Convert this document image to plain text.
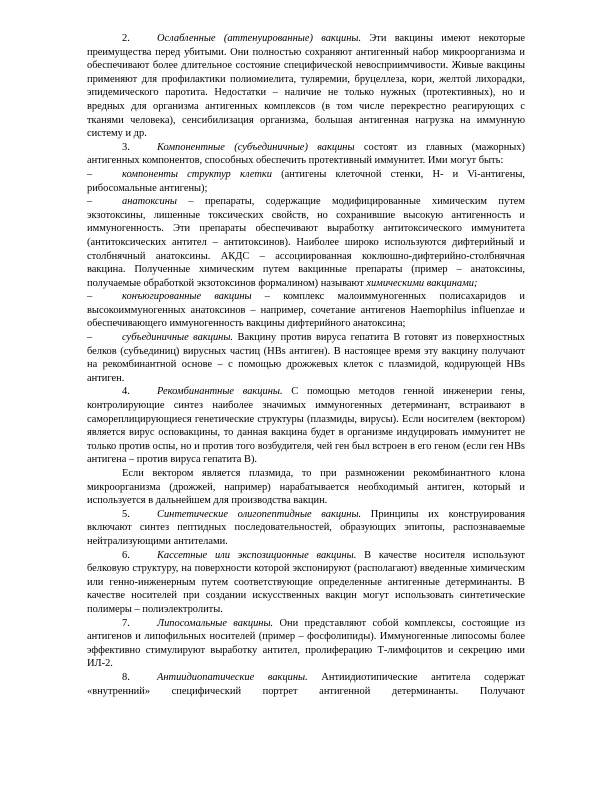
2.	Ослабленные (аттенуированные) вакцины. Эти вакцины имеют некоторые преимущества перед убитыми. Они полностью сохраняют антигенный набор микроорганизма и обеспечивают более длительное состояние специфической невосприимчивости. Живые вакцины применяют для профилактики полиомиелита, туляремии, бруцеллеза, кори, желтой лихорадки, эпидемического паротита. Недостатки – наличие не только нужных (протективных), но и вредных для организма антигенных комплексов (в том числе перекрестно реагирующих с тканями человека), сенсибилизация организма, большая антигенная нагрузка на иммунную систему и др.

3.	Компонентные (субъединичные) вакцины состоят из главных (мажорных) антигенных компонентов, способных обеспечить протективный иммунитет. Ими могут быть:

–	компоненты структур клетки (антигены клеточной стенки, Н- и Vi-антигены, рибосомальные антигены);

–	анатоксины – препараты, содержащие модифицированные химическим путем экзотоксины, лишенные токсических свойств, но сохранившие высокую антигенность и иммуногенность. Эти препараты обеспечивают выработку антитоксического иммунитета (антитоксических антител – антитоксинов). Наиболее широко используются дифтерийный и столбнячный анатоксины. АКДС – ассоциированная коклюшно-дифтерийно-столбнячная вакцина. Полученные химическим путем вакцинные препараты (пример – анатоксины, получаемые обработкой экзотоксинов формалином) называют химическими вакцинами;

–	конъюгированные вакцины – комплекс малоиммуногенных полисахаридов и высокоиммуногенных анатоксинов – например, сочетание антигенов Haemophilus influenzae и обеспечивающего иммуногенность вакцины дифтерийного анатоксина;

–	субъединичные вакцины. Вакцину против вируса гепатита В готовят из поверхностных белков (субъединиц) вирусных частиц (HBs антиген). В настоящее время эту вакцину получают на рекомбинантной основе – с помощью дрожжевых клеток с плазмидой, кодирующей HBs антиген.

4.	Рекомбинантные вакцины. С помощью методов генной инженерии гены, контролирующие синтез наиболее значимых иммуногенных детерминант, встраивают в самореплицирующиеся генетические структуры (плазмиды, вирусы). Если носителем (вектором) является вирус осповакцины, то данная вакцина будет в организме индуцировать иммунитет не только против оспы, но и против того возбудителя, чей ген был встроен в его геном (если ген HBs антигена – против вируса гепатита В).

Если вектором является плазмида, то при размножении рекомбинантного клона микроорганизма (дрожжей, например) нарабатывается необходимый антиген, который и используется в дальнейшем для производства вакцин.

5.	Синтетические олигопептидные вакцины. Принципы их конструирования включают синтез пептидных последовательностей, образующих эпитопы, распознаваемые нейтрализующими антителами.

6.	Кассетные или экспозиционные вакцины. В качестве носителя используют белковую структуру, на поверхности которой экспонируют (располагают) введенные химическим или генно-инженерным путем соответствующие определенные антигенные детерминанты. В качестве носителей при создании искусственных вакцин могут использовать синтетические полимеры – полиэлектролиты.

7.	Липосомальные вакцины. Они представляют собой комплексы, состоящие из антигенов и липофильных носителей (пример – фосфолипиды). Иммуногенные липосомы более эффективно стимулируют выработку антител, пролиферацию Т-лимфоцитов и секрецию ими ИЛ-2.

8.	Антиидиопатические вакцины. Антиидиотипические антитела содержат «внутренний» специфический портрет антигенной детерминанты. Получают
